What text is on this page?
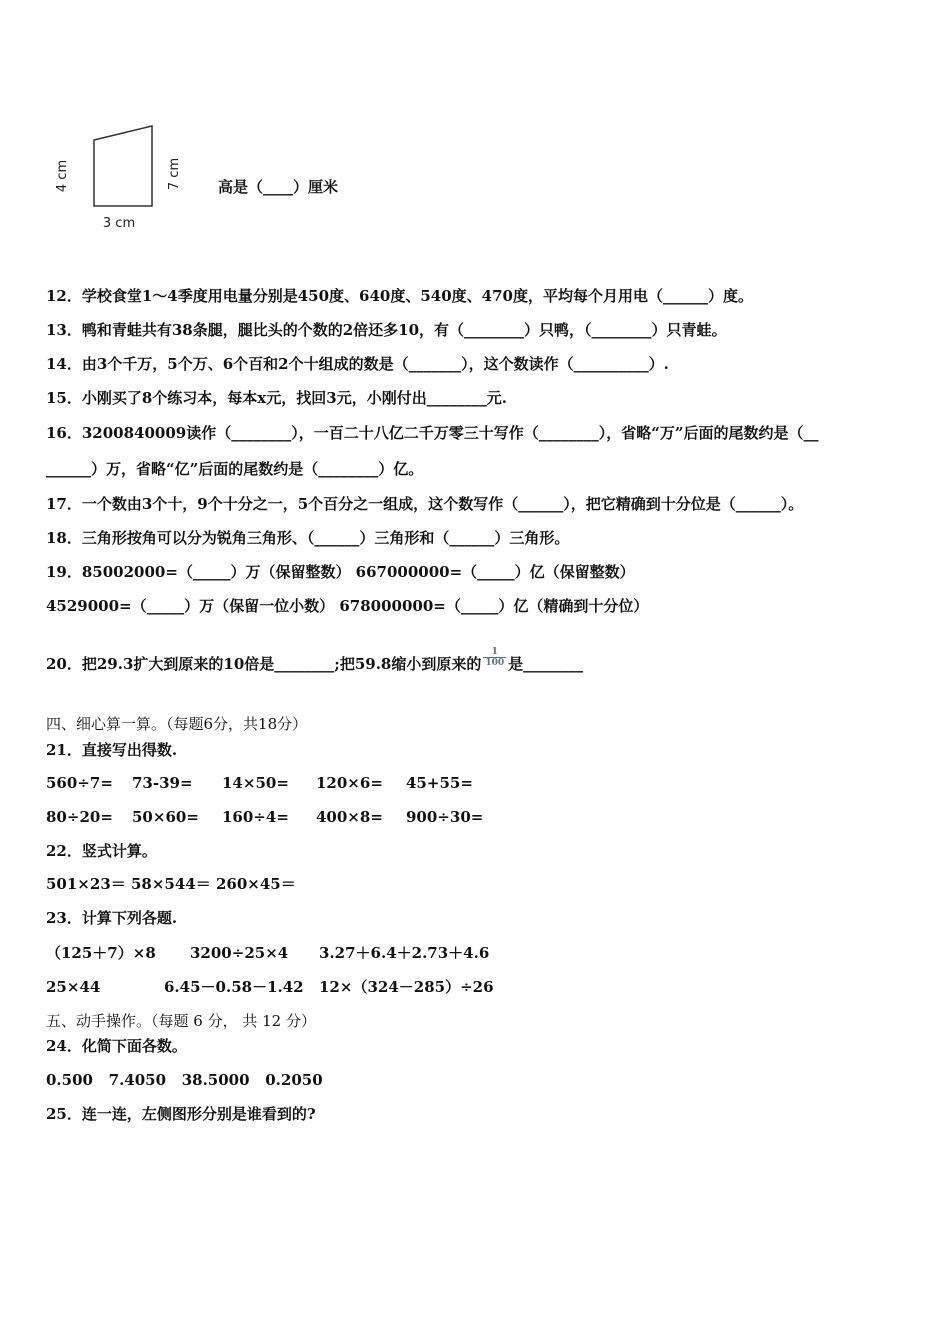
4 cm	7 cm
3 cm
高是（____）厘米
12．学校食堂1～4季度用电量分别是450度、640度、540度、470度，平均每个月用电（______）度。
13．鸭和青蛙共有38条腿，腿比头的个数的2倍还多10，有（________）只鸭，（________）只青蛙。
14．由3个千万，5个万、6个百和2个十组成的数是（_______），这个数读作（__________）.
15．小刚买了8个练习本，每本x元，找回3元，小刚付出________元.
16．3200840009读作（________），一百二十八亿二千万零三十写作（________），省略“万”后面的尾数约是（__
______）万，省略“亿”后面的尾数约是（________）亿。
17．一个数由3个十，9个十分之一，5个百分之一组成，这个数写作（______），把它精确到十分位是（______）。
18．三角形按角可以分为锐角三角形、（______）三角形和（______）三角形。
19．85002000=（_____）万（保留整数） 667000000=（_____）亿（保留整数）
4529000=（_____）万（保留一位小数） 678000000=（_____）亿（精确到十分位）
20．把29.3扩大到原来的10倍是________;把59.8缩小到原来的 $\frac{1}{100}$ 是________
四、细心算一算。（每题6分，共18分）
21．直接写出得数.
560÷7= 73-39= 14×50= 120×6= 45+55=
80÷20= 50×60= 160÷4= 400×8= 900÷30=
22．竖式计算。
501×23＝ 58×544＝ 260×45＝
23．计算下列各题.
（125＋7）×8 3200÷25×4 3.27＋6.4＋2.73＋4.6
25×44	6.45－0.58－1.42 12×（324－285）÷26
五、动手操作。（每题 6 分， 共 12 分）
24．化简下面各数。
0.500   7.4050   38.5000   0.2050
25．连一连，左侧图形分别是谁看到的?
